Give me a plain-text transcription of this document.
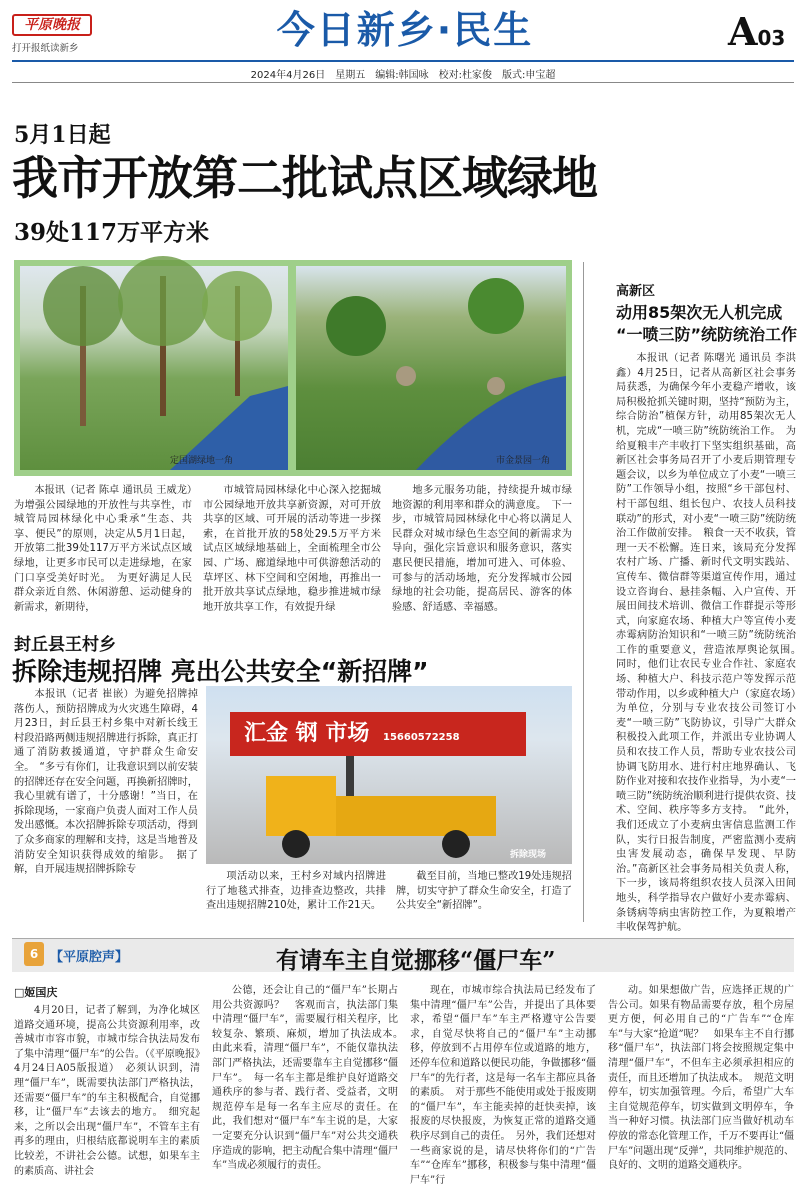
平原晚报
打开报纸读新乡	今日新乡·民生	A03
2024年4月26日　星期五　编辑:韩国咏　校对:杜家俊　版式:申宝超
5月1日起
我市开放第二批试点区域绿地
39处117万平方米
定国湖绿地一角	市金景园一角

本报讯（记者 陈卓 通讯员 王威龙）为增强公园绿地的开放性与共享性，市城管局园林绿化中心秉承“生态、共享、便民”的原则，决定从5月1日起，开放第二批39处117万平方米试点区域绿地，让更多市民可以走进绿地，在家门口享受美好时光。　为更好满足人民群众亲近自然、休闲游憩、运动健身的新需求，新期待，

市城管局园林绿化中心深入挖掘城市公园绿地开放共享新资源，对可开放共享的区域、可开展的活动等进一步探索，在首批开放的58处29.5万平方米试点区域绿地基础上，全面梳理全市公园、广场、廊道绿地中可供游憩活动的草坪区、林下空间和空闲地，再推出一批开放共享试点绿地，稳步推进城市绿地开放共享工作，有效提升绿

地多元服务功能，持续提升城市绿地资源的利用率和群众的满意度。　下一步，市城管局园林绿化中心将以满足人民群众对城市绿色生态空间的新需求为导向，强化宗旨意识和服务意识，落实惠民便民措施，增加可进入、可体验、可参与的活动场地，充分发挥城市公园绿地的社会功能，提高居民、游客的体验感、舒适感、幸福感。

高新区
动用85架次无人机完成
“一喷三防”统防统治工作

本报讯（记者 陈曙光 通讯员 李洪鑫）4月25日，记者从高新区社会事务局获悉，为确保今年小麦稳产增收，该局积极抢抓关键时期，坚持“预防为主，综合防治”植保方针，动用85架次无人机，完成“一喷三防”统防统治工作。　为给夏粮丰产丰收打下坚实组织基础，高新区社会事务局召开了小麦后期管理专题会议，以乡为单位成立了小麦“一喷三防”工作领导小组，按照“乡干部包村、村干部包组、组长包户、农技人员科技联动”的形式，对小麦“一喷三防”统防统治工作做前安排。　粮食一天不收获，管理一天不松懈。连日来，该局充分发挥农村广场、广播、新时代文明实践站、宣传车、微信群等渠道宣传作用，通过设立咨询台、悬挂条幅、入户宣传、开展田间技术培训、微信工作群提示等形式，向家庭农场、种植大户等宣传小麦赤霉病防治知识和“一喷三防”统防统治工作的重要意义，营造浓厚舆论氛围。　同时，他们让农民专业合作社、家庭农场、种植大户、科技示范户等发挥示范带动作用，以乡或种植大户（家庭农场）为单位，分别与专业农技公司签订小麦“一喷三防”飞防协议，引导广大群众积极投入此项工作，并派出专业协调人员和农技工作人员，帮助专业农技公司协调飞防用水、进行村庄地界确认、飞防作业对接和农技作业指导，为小麦“一喷三防”统防统治顺利进行提供农资、技术、空间、秩序等多方支持。　“此外，我们还成立了小麦病虫害信息监测工作队，实行日报告制度，严密监测小麦病虫害发展动态，确保早发现、早防治。”高新区社会事务局相关负责人称，下一步，该局将组织农技人员深入田间地头，科学指导农户做好小麦赤霉病、条锈病等病虫害防控工作，为夏粮增产丰收保驾护航。

封丘县王村乡
拆除违规招牌 亮出公共安全“新招牌”
汇金 钢 市场 15660572258
拆除现场

本报讯（记者 崔嵌）为避免招牌掉落伤人，预防招牌成为火灾逃生障碍，4月23日，封丘县王村乡集中对新长线王村段沿路两侧违规招牌进行拆除，真正打通了消防救援通道，守护群众生命安全。　“多亏有你们，让我意识到以前安装的招牌还存在安全问题，再换新招牌时，我心里就有谱了，十分感谢！”当日，在拆除现场，一家商户负责人面对工作人员发出感慨。本次招牌拆除专项活动，得到了众多商家的理解和支持，这是当地普及消防安全知识获得成效的缩影。　据了解，自开展违规招牌拆除专

项活动以来，王村乡对域内招牌进行了地毯式排查，边排查边整改，共排查出违规招牌210处，累计工作21天。

截至目前，当地已整改19处违规招牌，切实守护了群众生命安全，打造了公共安全“新招牌”。

6 【平原腔声】	有请车主自觉挪移“僵尸车”
□姬国庆

4月20日，记者了解到，为净化城区道路交通环境，提高公共资源利用率，改善城市市容市貌，市城市综合执法局发布了集中清理“僵尸车”的公告。（《平原晚报》4月24日A05版报道）　必须认识到，清理“僵尸车”，既需要执法部门严格执法，还需要“僵尸车”的车主积极配合，自觉挪移，让“僵尸车”去该去的地方。　细究起来，之所以会出现“僵尸车”，不管车主有再多的理由，归根结底都说明车主的素质比较差，不讲社会公德。试想，如果车主的素质高、讲社会

公德，还会让自己的“僵尸车”长期占用公共资源吗？　客观而言，执法部门集中清理“僵尸车”，需要履行相关程序，比较复杂、繁琐、麻烦，增加了执法成本。　由此来看，清理“僵尸车”，不能仅靠执法部门严格执法，还需要靠车主自觉挪移“僵尸车”。　每一名车主都是维护良好道路交通秩序的参与者、践行者、受益者，文明规范停车是每一名车主应尽的责任。在此，我们想对“僵尸车”车主说的是，大家一定要充分认识到“僵尸车”对公共交通秩序造成的影响，把主动配合集中清理“僵尸车”当成必须履行的责任。

现在，市城市综合执法局已经发布了集中清理“僵尸车”公告，并提出了具体要求，希望“僵尸车”车主严格遵守公告要求，自觉尽快将自己的“僵尸车”主动挪移，停放到不占用停车位或道路的地方，还停车位和道路以便民功能，争做挪移“僵尸车”的先行者，这是每一名车主都应具备的素质。　对于那些不能使用或处于报废期的“僵尸车”，车主能卖掉的赶快卖掉，该报废的尽快报废，为恢复正常的道路交通秩序尽到自己的责任。　另外，我们还想对一些商家说的是，请尽快将你们的“广告车”“仓库车”挪移，积极参与集中清理“僵尸车”行

动。如果想做广告，应选择正规的广告公司。如果有物品需要存放，租个房屋更方便，何必用自己的“广告车”“仓库车”与大家“抢道”呢？　如果车主不自行挪移“僵尸车”，执法部门将会按照规定集中清理“僵尸车”，不但车主必须承担相应的责任，而且还增加了执法成本。　规范文明停车，切实加强管理。今后，希望广大车主自觉规范停车，切实做到文明停车，争当一种好习惯。执法部门应当做好机动车停放的常态化管理工作，千万不要再让“僵尸车”问题出现“反弹”，共同维护规范的、良好的、文明的道路交通秩序。
